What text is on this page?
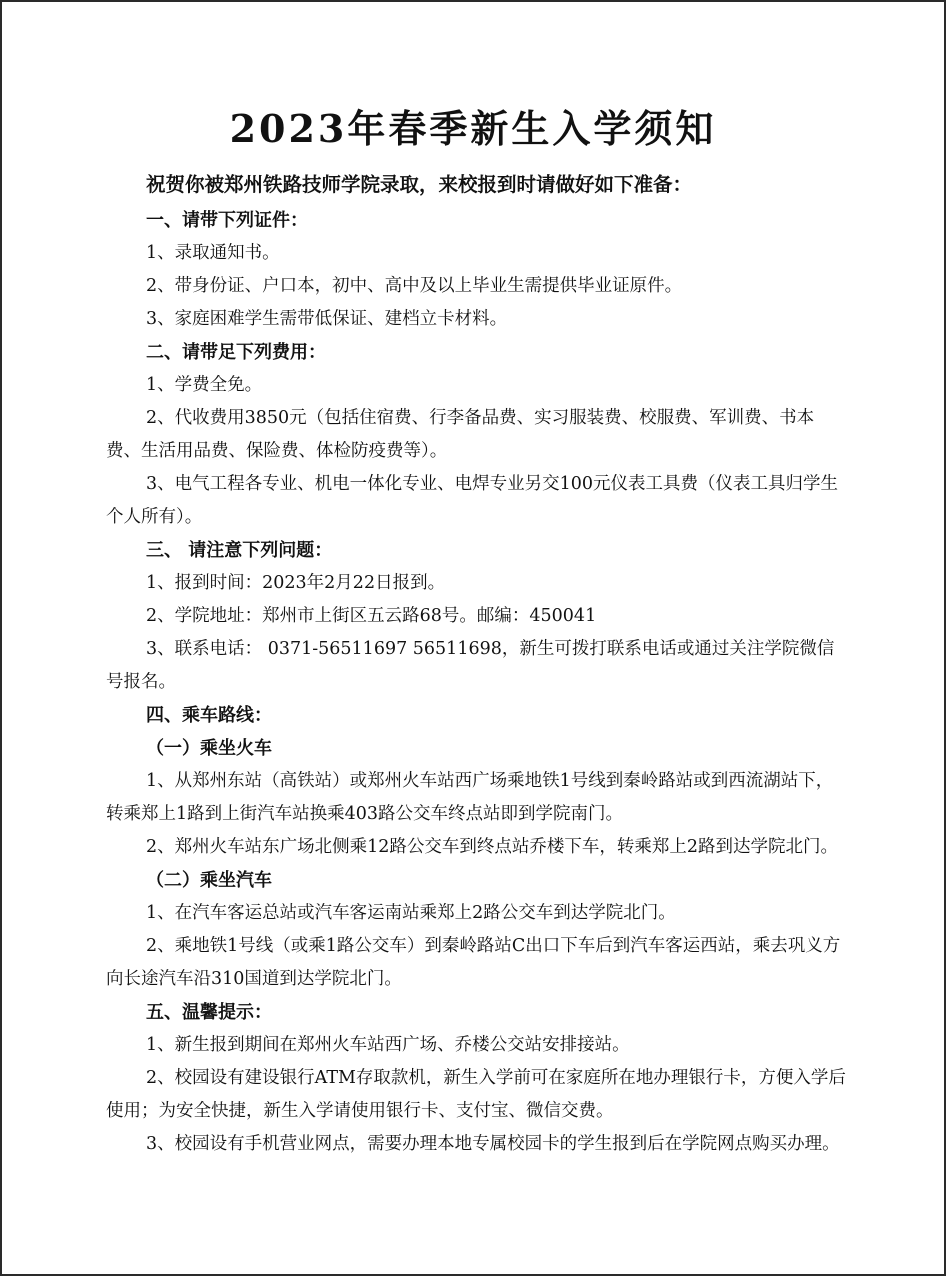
2023年春季新生入学须知

祝贺你被郑州铁路技师学院录取，来校报到时请做好如下准备：

一、请带下列证件：

1、录取通知书。

2、带身份证、户口本，初中、高中及以上毕业生需提供毕业证原件。

3、家庭困难学生需带低保证、建档立卡材料。

二、请带足下列费用：

1、学费全免。

2、代收费用3850元（包括住宿费、行李备品费、实习服装费、校服费、军训费、书本费、生活用品费、保险费、体检防疫费等）。

3、电气工程各专业、机电一体化专业、电焊专业另交100元仪表工具费（仪表工具归学生个人所有）。

三、 请注意下列问题：

1、报到时间：2023年2月22日报到。

2、学院地址：郑州市上街区五云路68号。邮编：450041

3、联系电话： 0371-56511697 56511698，新生可拨打联系电话或通过关注学院微信号报名。

四、乘车路线：

（一）乘坐火车

1、从郑州东站（高铁站）或郑州火车站西广场乘地铁1号线到秦岭路站或到西流湖站下，转乘郑上1路到上街汽车站换乘403路公交车终点站即到学院南门。

2、郑州火车站东广场北侧乘12路公交车到终点站乔楼下车，转乘郑上2路到达学院北门。

（二）乘坐汽车

1、在汽车客运总站或汽车客运南站乘郑上2路公交车到达学院北门。

2、乘地铁1号线（或乘1路公交车）到秦岭路站C出口下车后到汽车客运西站，乘去巩义方向长途汽车沿310国道到达学院北门。

五、温馨提示：

1、新生报到期间在郑州火车站西广场、乔楼公交站安排接站。

2、校园设有建设银行ATM存取款机，新生入学前可在家庭所在地办理银行卡，方便入学后使用；为安全快捷，新生入学请使用银行卡、支付宝、微信交费。

3、校园设有手机营业网点，需要办理本地专属校园卡的学生报到后在学院网点购买办理。
